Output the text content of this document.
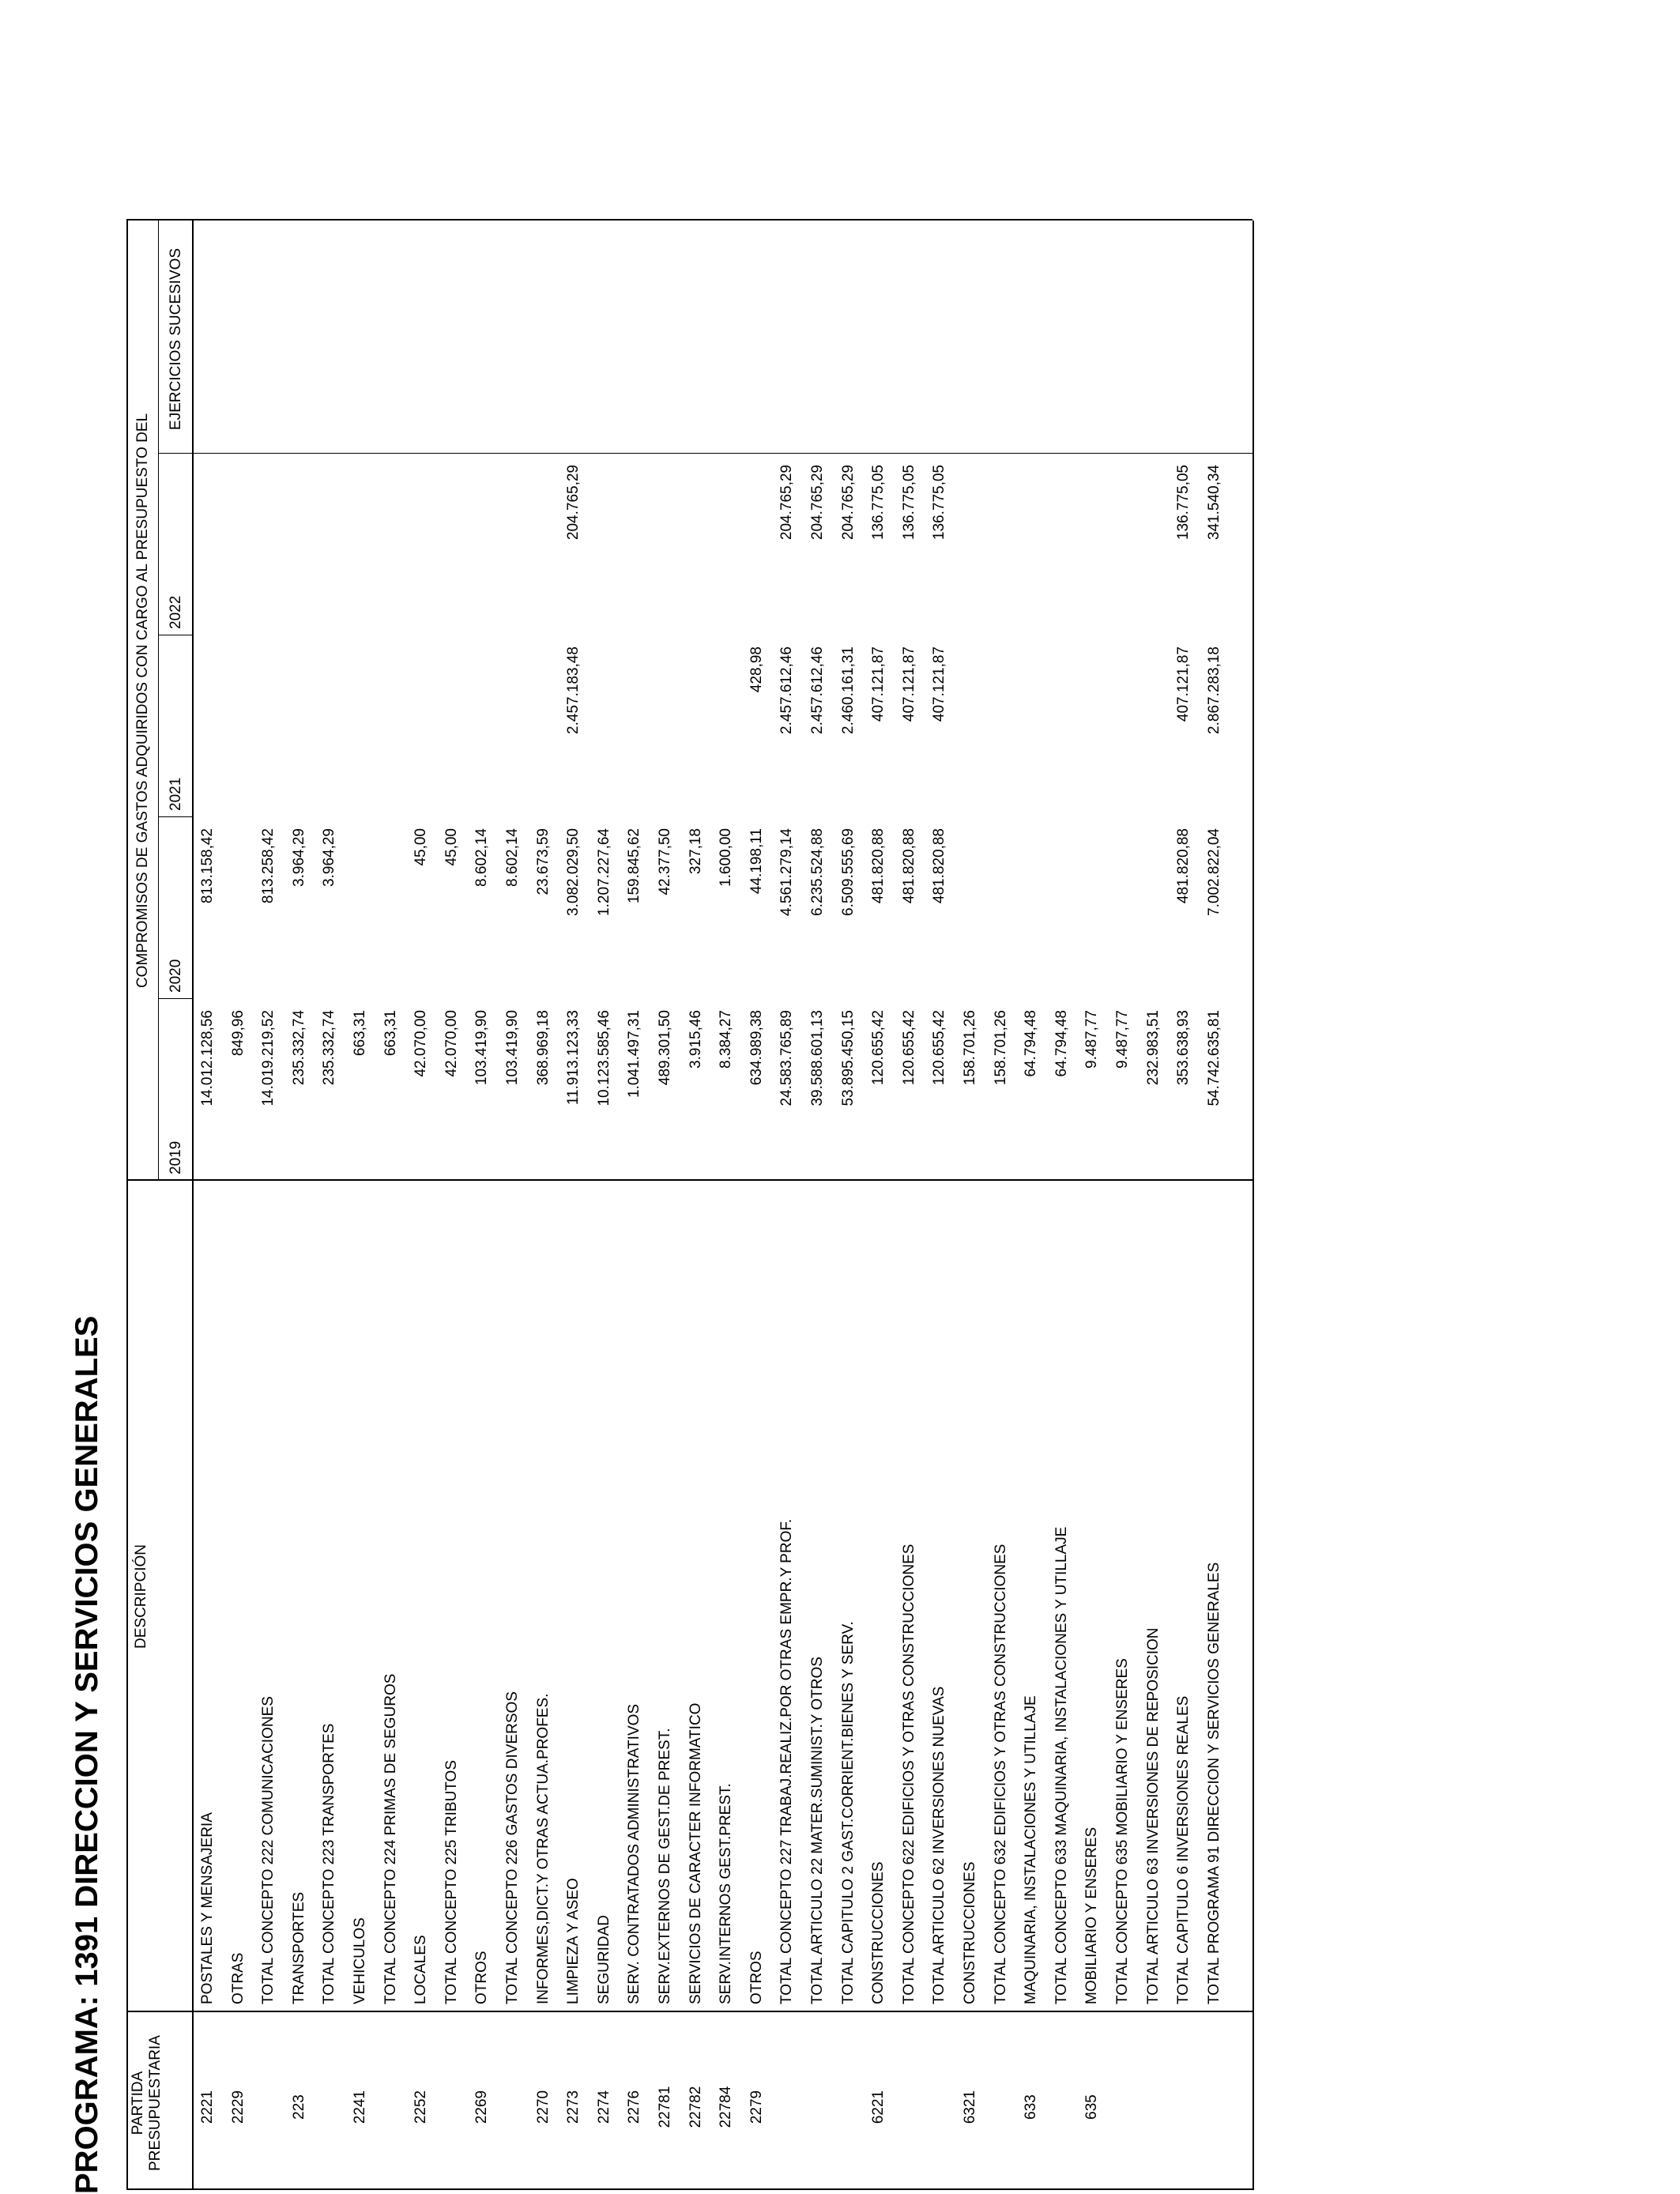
PROGRAMA: 1391 DIRECCION Y SERVICIOS GENERALES	PARTIDA PRESUPUESTARIA
DESCRIPCIÓN
COMPROMISOS DE GASTOS ADQUIRIDOS CON CARGO AL PRESUPUESTO DEL
2019
2020
2021
2022
EJERCICIOS SUCESIVOS
2221
POSTALES Y MENSAJERIA
14.012.128,56
813.158,42
2229
OTRAS
849,96
TOTAL CONCEPTO 222 COMUNICACIONES
14.019.219,52
813.258,42
223
TRANSPORTES
235.332,74
3.964,29
TOTAL CONCEPTO 223 TRANSPORTES
235.332,74
3.964,29
2241
VEHICULOS
663,31
TOTAL CONCEPTO 224 PRIMAS DE SEGUROS
663,31
2252
LOCALES
42.070,00
45,00
TOTAL CONCEPTO 225 TRIBUTOS
42.070,00
45,00
2269
OTROS
103.419,90
8.602,14
TOTAL CONCEPTO 226 GASTOS DIVERSOS
103.419,90
8.602,14
2270
INFORMES,DICT.Y OTRAS ACTUA.PROFES.
368.969,18
23.673,59
2273
LIMPIEZA Y ASEO
11.913.123,33
3.082.029,50
2.457.183,48
204.765,29
2274
SEGURIDAD
10.123.585,46
1.207.227,64
2276
SERV. CONTRATADOS ADMINISTRATIVOS
1.041.497,31
159.845,62
22781
SERV.EXTERNOS DE GEST.DE PREST.
489.301,50
42.377,50
22782
SERVICIOS DE CARACTER INFORMATICO
3.915,46
327,18
22784
SERV.INTERNOS GEST.PREST.
8.384,27
1.600,00
2279
OTROS
634.989,38
44.198,11
428,98
TOTAL CONCEPTO 227 TRABAJ.REALIZ.POR OTRAS EMPR.Y PROF.
24.583.765,89
4.561.279,14
2.457.612,46
204.765,29
TOTAL ARTICULO 22 MATER.SUMINIST.Y OTROS
39.588.601,13
6.235.524,88
2.457.612,46
204.765,29
TOTAL CAPITULO 2 GAST.CORRIENT.BIENES Y SERV.
53.895.450,15
6.509.555,69
2.460.161,31
204.765,29
6221
CONSTRUCCIONES
120.655,42
481.820,88
407.121,87
136.775,05
TOTAL CONCEPTO 622 EDIFICIOS Y OTRAS CONSTRUCCIONES
120.655,42
481.820,88
407.121,87
136.775,05
TOTAL ARTICULO 62 INVERSIONES NUEVAS
120.655,42
481.820,88
407.121,87
136.775,05
6321
CONSTRUCCIONES
158.701,26
TOTAL CONCEPTO 632 EDIFICIOS Y OTRAS CONSTRUCCIONES
158.701,26
633
MAQUINARIA, INSTALACIONES Y UTILLAJE
64.794,48
TOTAL CONCEPTO 633 MAQUINARIA, INSTALACIONES Y UTILLAJE
64.794,48
635
MOBILIARIO Y ENSERES
9.487,77
TOTAL CONCEPTO 635 MOBILIARIO Y ENSERES
9.487,77
TOTAL ARTICULO 63 INVERSIONES DE REPOSICION
232.983,51
TOTAL CAPITULO 6 INVERSIONES REALES
353.638,93
481.820,88
407.121,87
136.775,05
TOTAL PROGRAMA 91 DIRECCION Y SERVICIOS GENERALES
54.742.635,81
7.002.822,04
2.867.283,18
341.540,34
